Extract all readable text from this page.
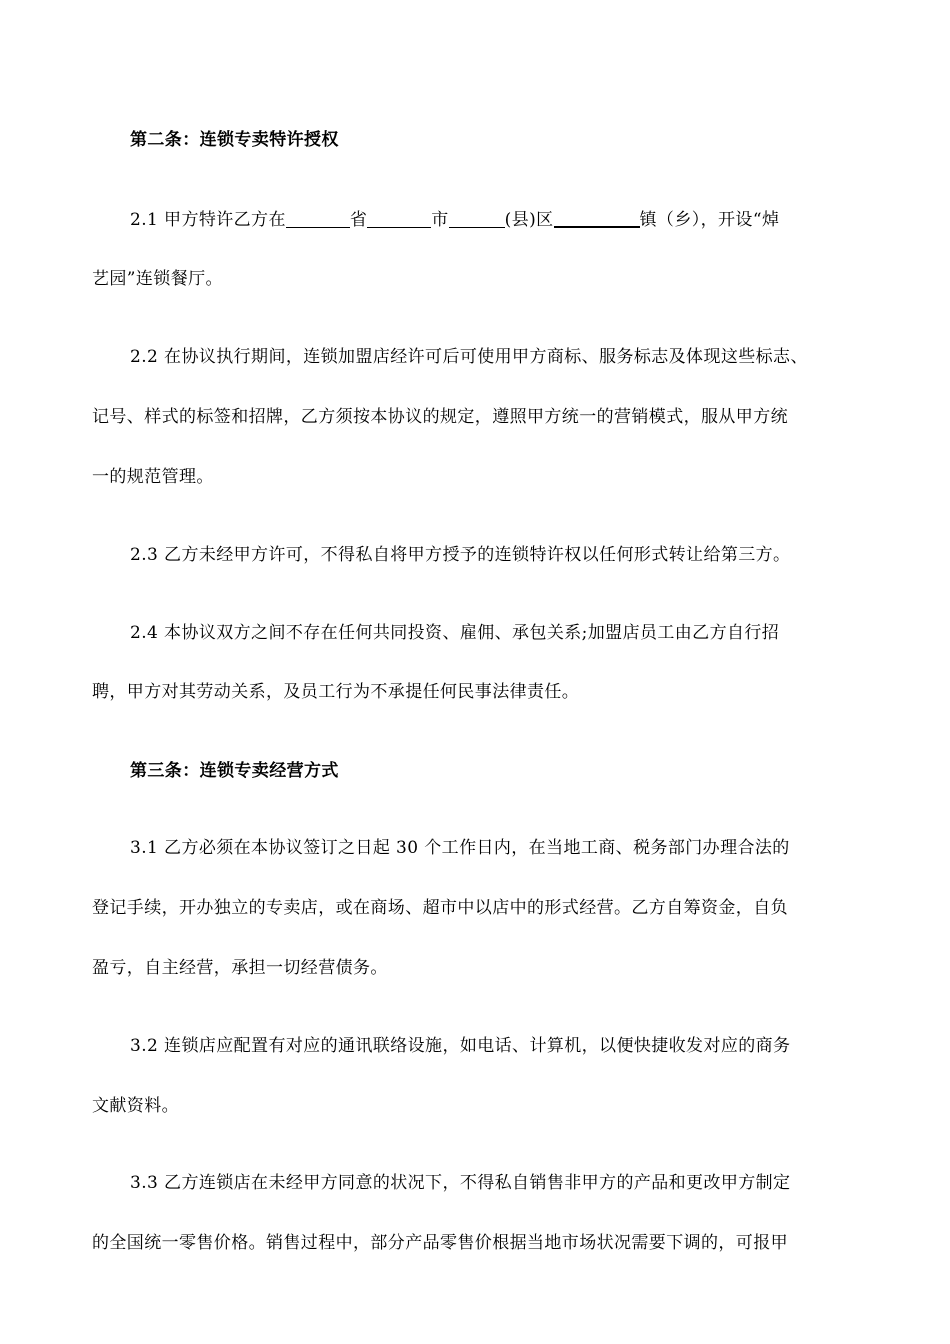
第二条：连锁专卖特许授权
2.1 甲方特许乙方在	省	市	(县)区	镇（乡），开设“焯
艺园”连锁餐厅。
2.2 在协议执行期间，连锁加盟店经许可后可使用甲方商标、服务标志及体现这些标志、
记号、样式的标签和招牌，乙方须按本协议的规定，遵照甲方统一的营销模式，服从甲方统
一的规范管理。
2.3 乙方未经甲方许可，不得私自将甲方授予的连锁特许权以任何形式转让给第三方。
2.4 本协议双方之间不存在任何共同投资、雇佣、承包关系;加盟店员工由乙方自行招
聘，甲方对其劳动关系，及员工行为不承提任何民事法律责任。
第三条：连锁专卖经营方式
3.1 乙方必须在本协议签订之日起 30 个工作日内，在当地工商、税务部门办理合法的
登记手续，开办独立的专卖店，或在商场、超市中以店中的形式经营。乙方自筹资金，自负
盈亏，自主经营，承担一切经营债务。
3.2 连锁店应配置有对应的通讯联络设施，如电话、计算机，以便快捷收发对应的商务
文献资料。
3.3 乙方连锁店在未经甲方同意的状况下，不得私自销售非甲方的产品和更改甲方制定
的全国统一零售价格。销售过程中，部分产品零售价根据当地市场状况需要下调的，可报甲
